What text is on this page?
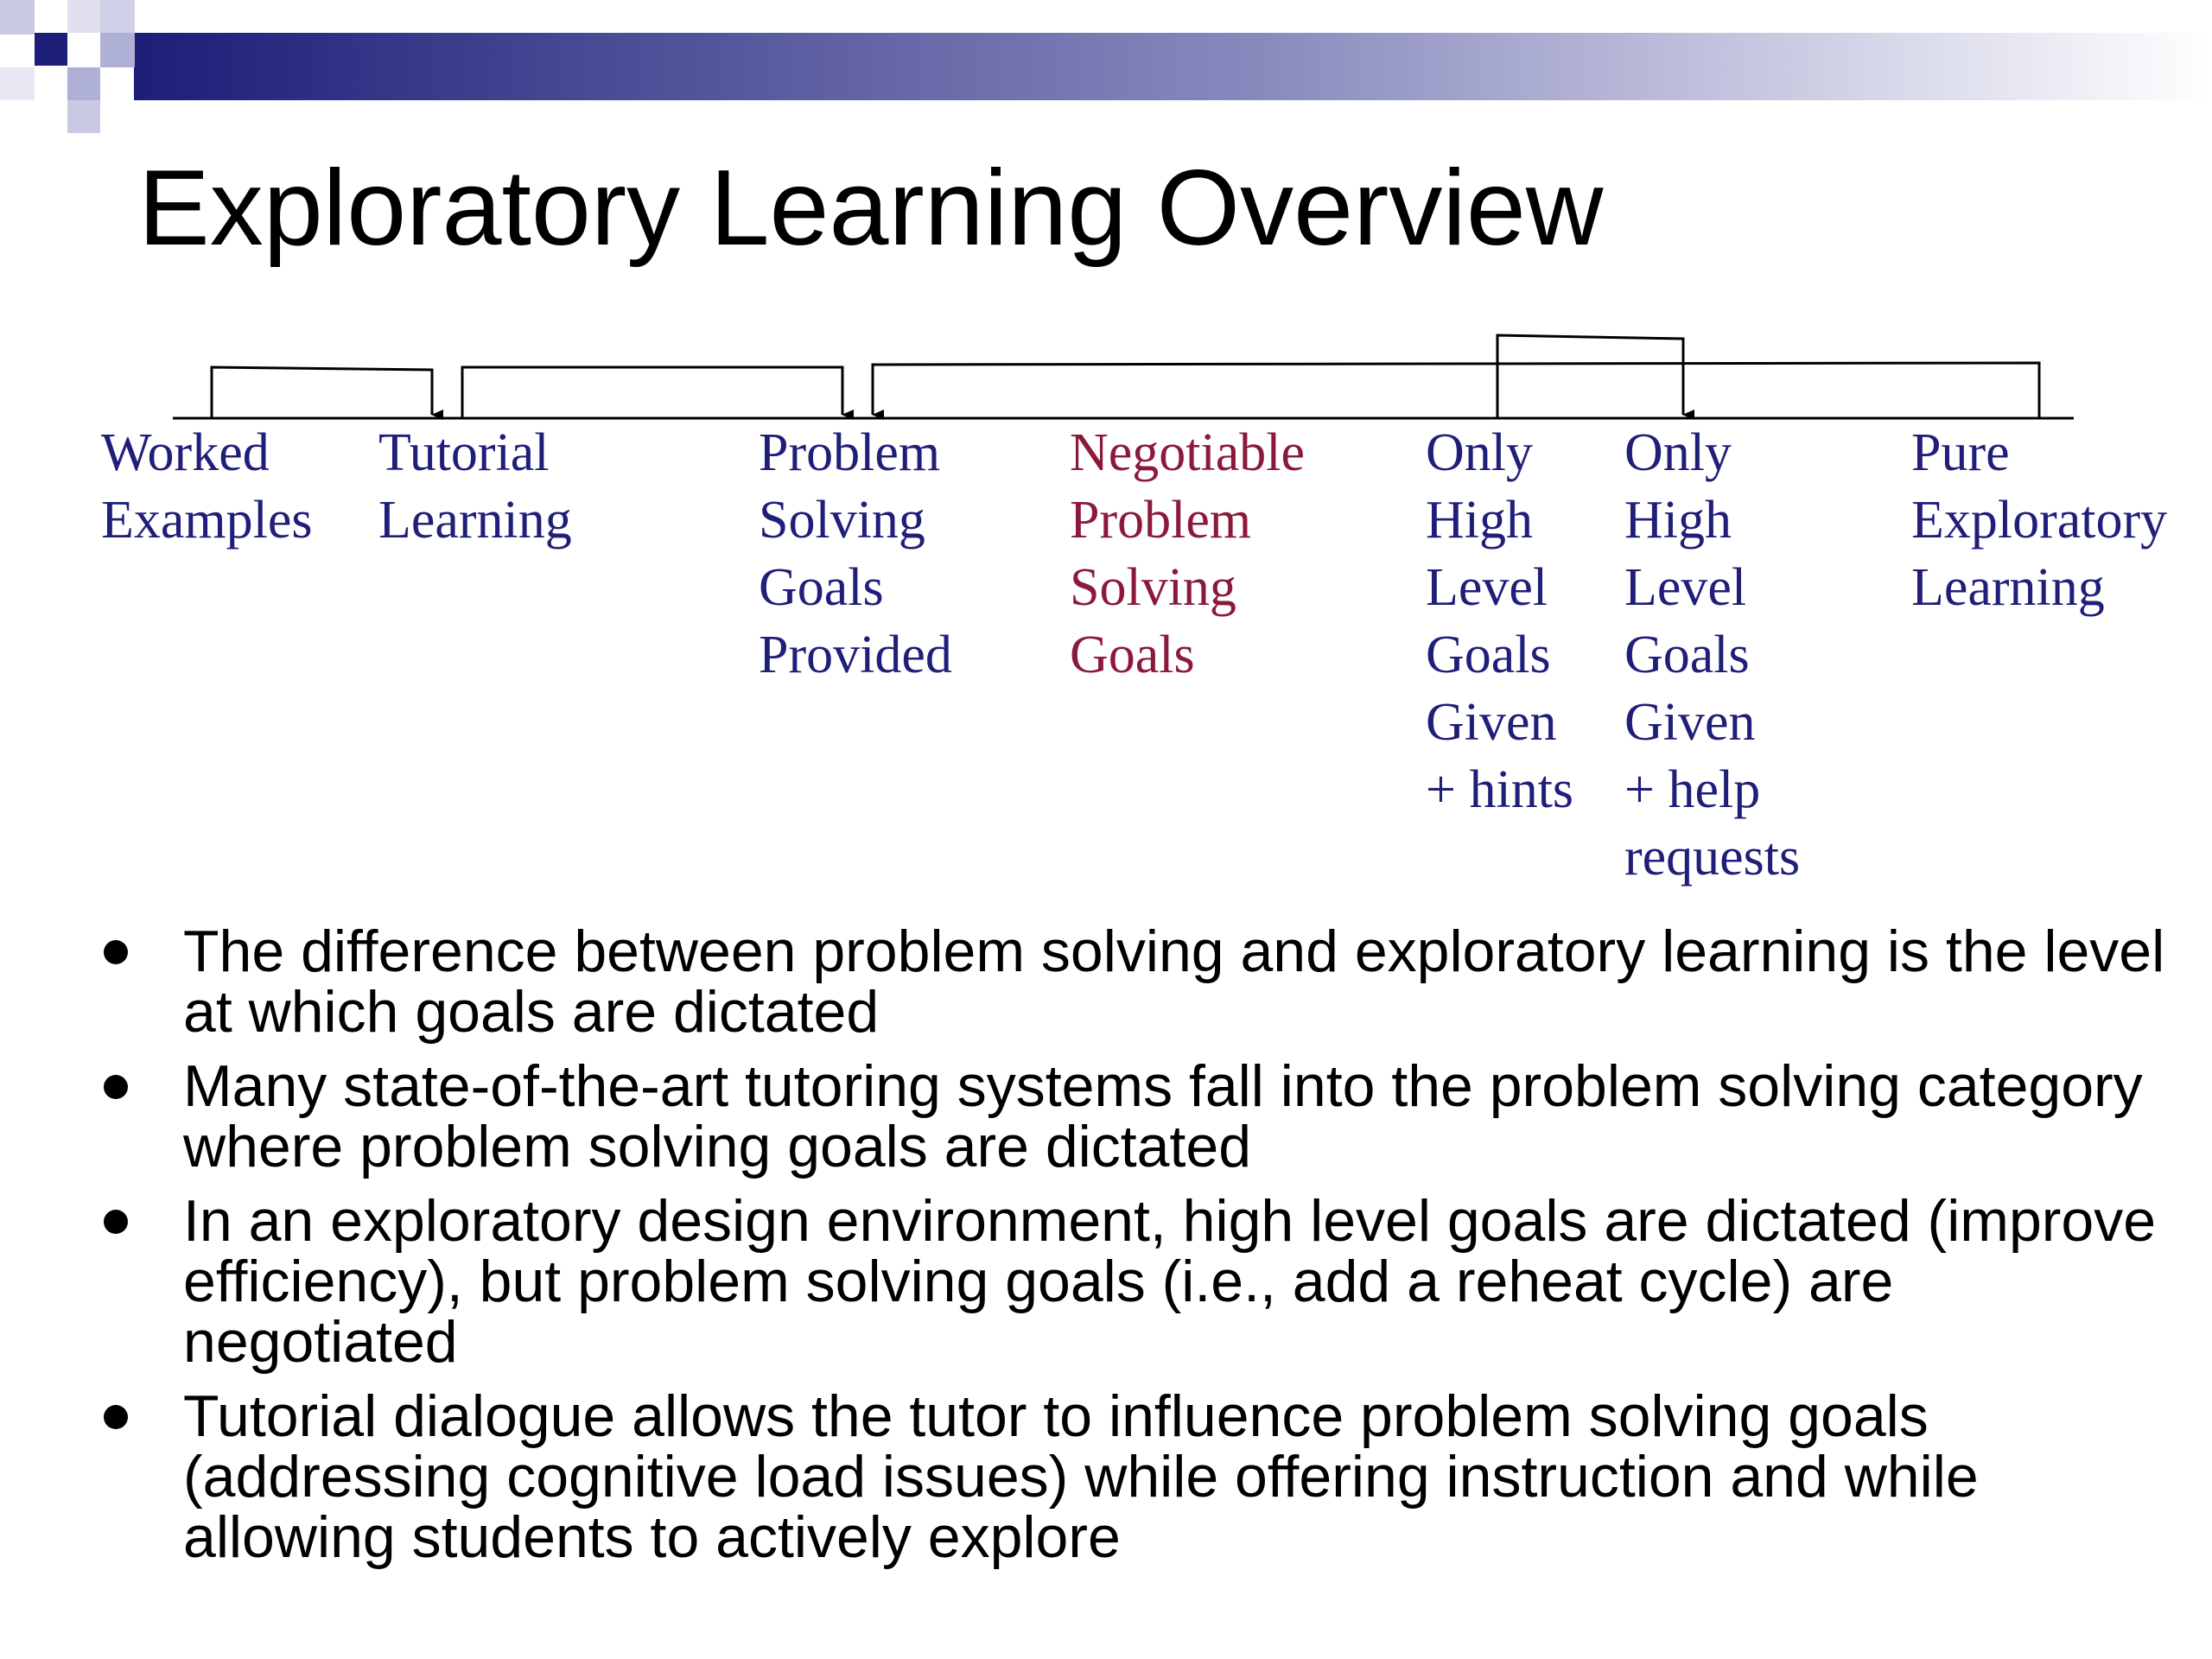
Exploratory Learning Overview
Worked
Examples
Tutorial
Learning
Problem
Solving
Goals
Provided
Negotiable
Problem
Solving
Goals
Only
High
Level
Goals
Given
+ hints
Only
High
Level
Goals
Given
+ help
requests
Pure
Exploratory
Learning
The difference between problem solving and exploratory learning is the level at which goals are dictated
Many state-of-the-art tutoring systems fall into the problem solving category where problem solving goals are dictated
In an exploratory design environment, high level goals are dictated (improve efficiency), but problem solving goals (i.e., add a reheat cycle) are negotiated
Tutorial dialogue allows the tutor to influence problem solving goals (addressing cognitive load issues) while offering instruction and while allowing students to actively explore
